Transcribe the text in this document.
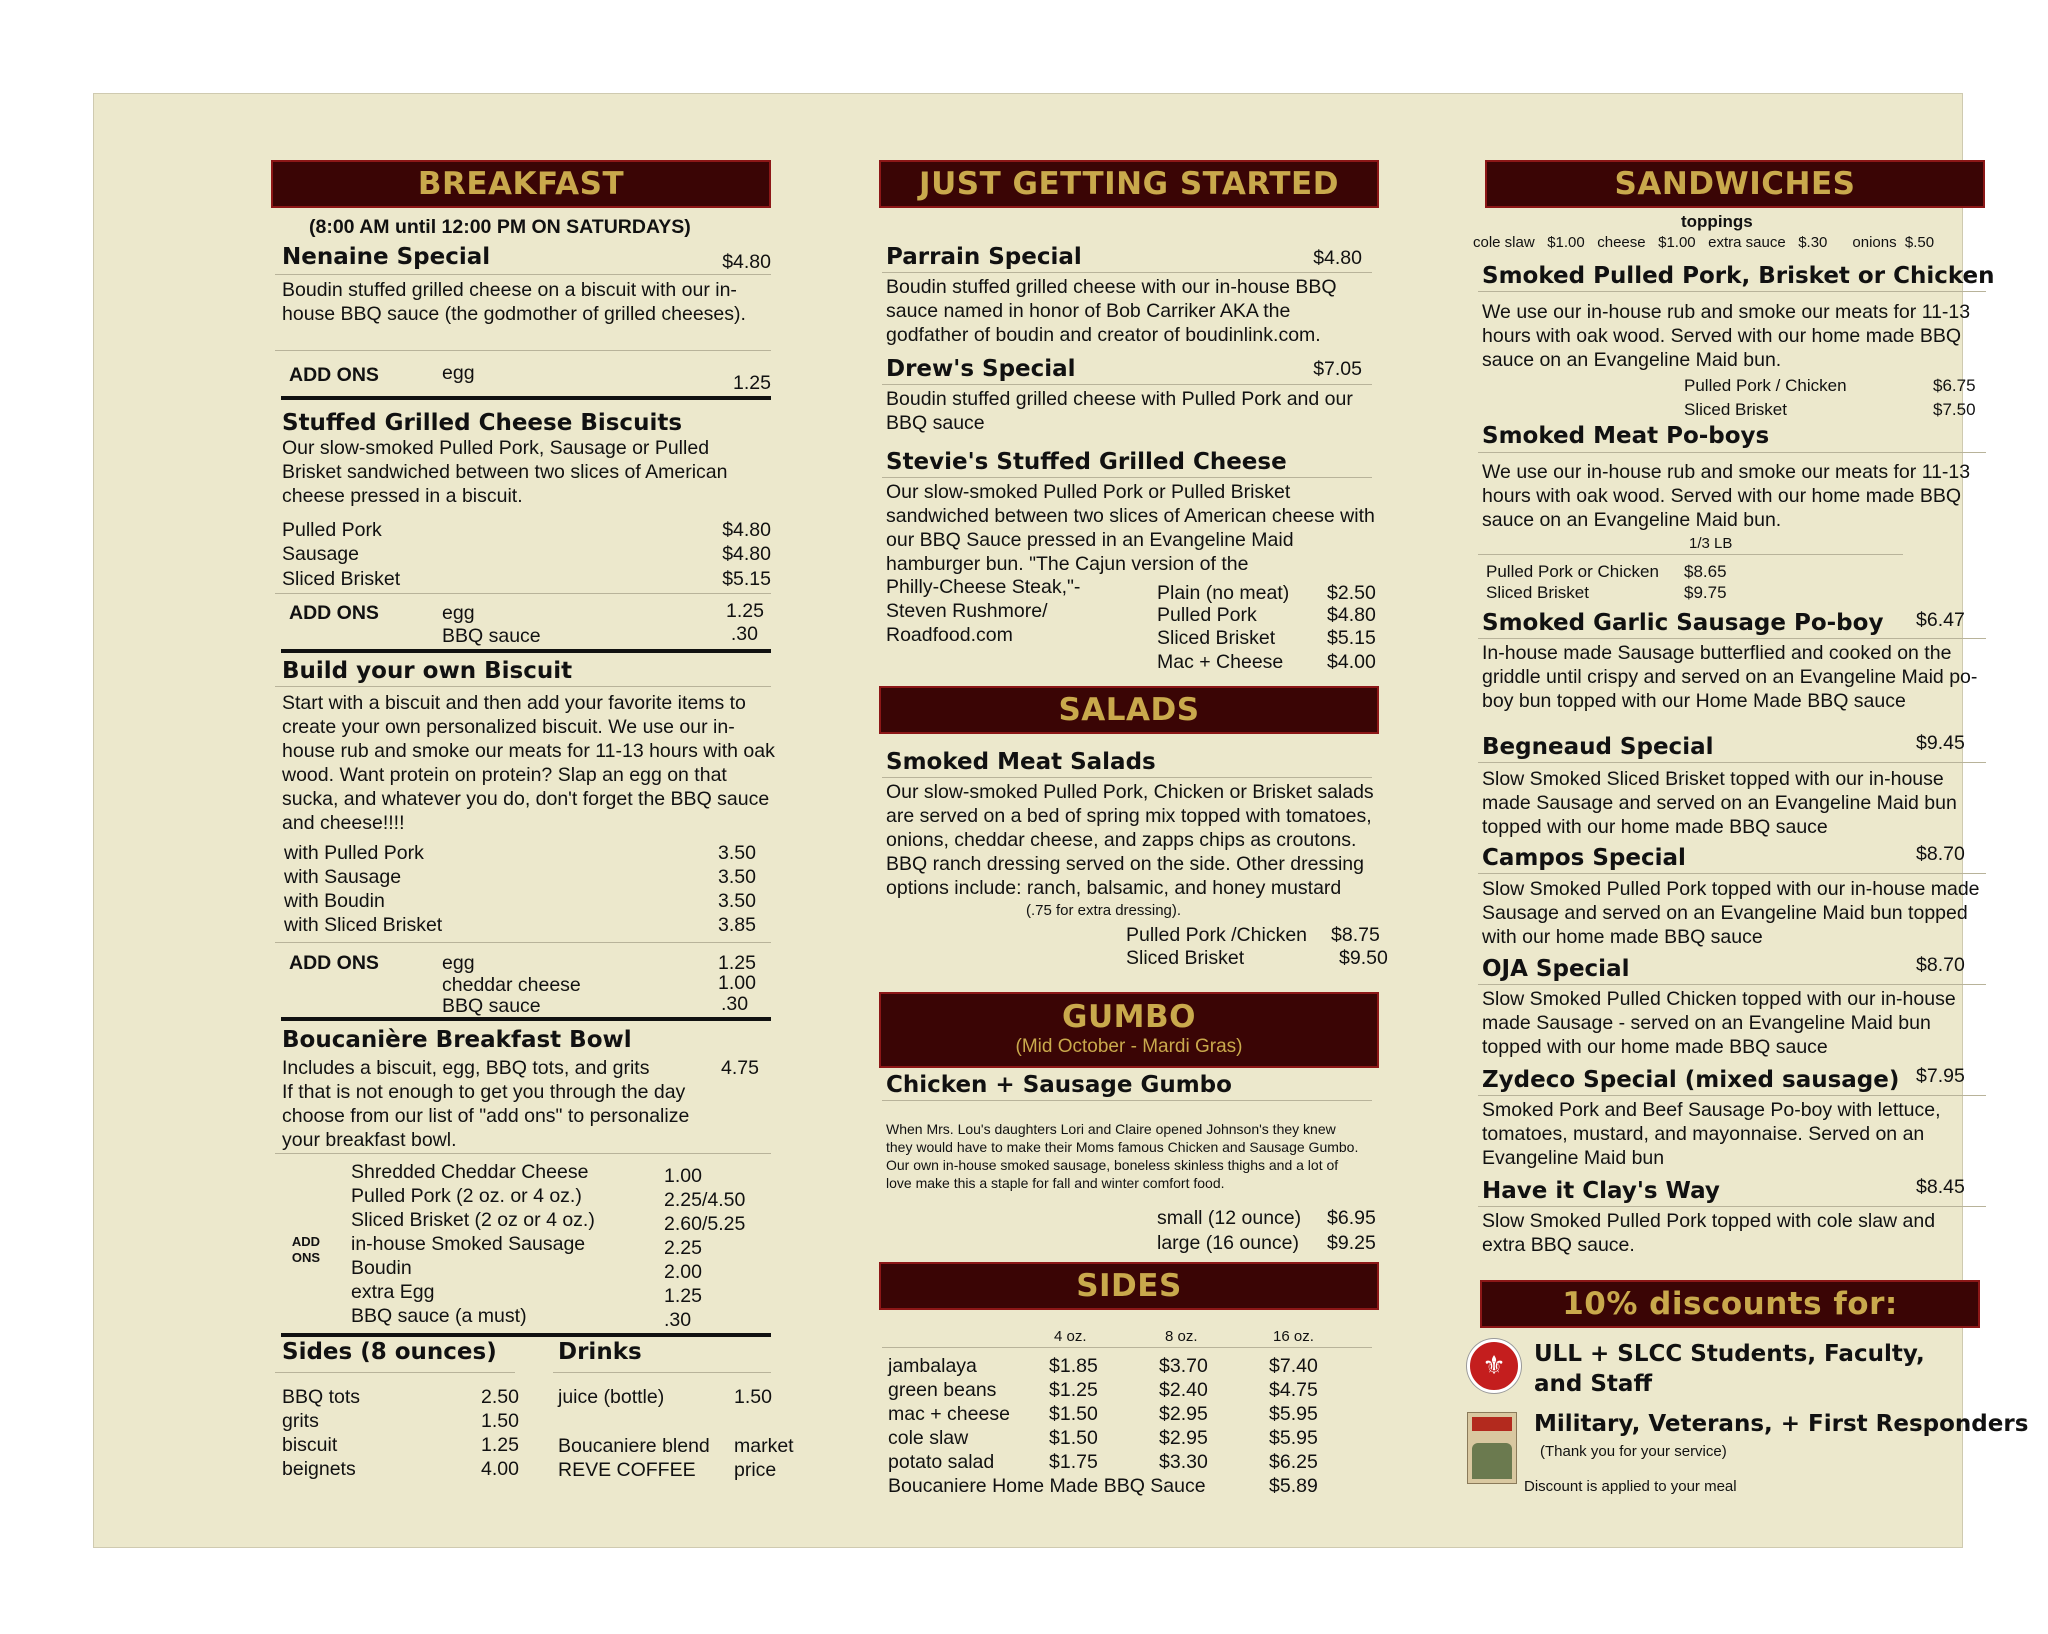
BREAKFAST
(8:00 AM until 12:00 PM ON SATURDAYS)
Nenaine Special	$4.80
Boudin stuffed grilled cheese on a biscuit with our in-house BBQ sauce (the godmother of grilled cheeses).
ADD ONS	egg	1.25
Stuffed Grilled Cheese Biscuits
Our slow-smoked Pulled Pork, Sausage or Pulled Brisket sandwiched between two slices of American cheese pressed in a biscuit.
Pulled Pork	$4.80
Sausage	$4.80
Sliced Brisket	$5.15
ADD ONS	egg	1.25
BBQ sauce	.30
Build your own Biscuit
Start with a biscuit and then add your favorite items to create your own personalized biscuit. We use our in-house rub and smoke our meats for 11-13 hours with oak wood. Want protein on protein? Slap an egg on that sucka, and whatever you do, don't forget the BBQ sauce and cheese!!!!
with Pulled Pork	3.50
with Sausage	3.50
with Boudin	3.50
with Sliced Brisket	3.85
ADD ONS	egg	1.25
cheddar cheese	1.00
BBQ sauce	.30
Boucanière Breakfast Bowl
Includes a biscuit, egg, BBQ tots, and grits	4.75
If that is not enough to get you through the day choose from our list of "add ons" to personalize your breakfast bowl.
ADD ONS
Shredded Cheddar Cheese	1.00
Pulled Pork (2 oz. or 4 oz.)	2.25/4.50
Sliced Brisket (2 oz or 4 oz.)	2.60/5.25
in-house Smoked Sausage	2.25
Boudin	2.00
extra Egg	1.25
BBQ sauce (a must)	.30
Sides (8 ounces)
BBQ tots	2.50
grits	1.50
biscuit	1.25
beignets	4.00
Drinks
juice (bottle)	1.50
Boucaniere blend market
REVE COFFEE price
JUST GETTING STARTED
Parrain Special	$4.80
Boudin stuffed grilled cheese with our in-house BBQ sauce named in honor of Bob Carriker AKA the godfather of boudin and creator of boudinlink.com.
Drew's Special	$7.05
Boudin stuffed grilled cheese with Pulled Pork and our BBQ sauce
Stevie's Stuffed Grilled Cheese
Our slow-smoked Pulled Pork or Pulled Brisket sandwiched between two slices of American cheese with our BBQ Sauce pressed in an Evangeline Maid hamburger bun. "The Cajun version of the
Philly-Cheese Steak,"- Steven Rushmore/ Roadfood.com
Plain (no meat) $2.50
Pulled Pork	$4.80
Sliced Brisket	$5.15
Mac + Cheese $4.00
SALADS
Smoked Meat Salads
Our slow-smoked Pulled Pork, Chicken or Brisket salads are served on a bed of spring mix topped with tomatoes, onions, cheddar cheese, and zapps chips as croutons. BBQ ranch dressing served on the side. Other dressing options include: ranch, balsamic, and honey mustard
(.75 for extra dressing).
Pulled Pork /Chicken $8.75
Sliced Brisket	$9.50
GUMBO
(Mid October - Mardi Gras)
Chicken + Sausage Gumbo
When Mrs. Lou's daughters Lori and Claire opened Johnson's they knew they would have to make their Moms famous Chicken and Sausage Gumbo. Our own in-house smoked sausage, boneless skinless thighs and a lot of love make this a staple for fall and winter comfort food.
small (12 ounce) $6.95
large (16 ounce) $9.25
SIDES
4 oz.	8 oz.	16 oz.
jambalaya	$1.85	$3.70	$7.40
green beans	$1.25	$2.40	$4.75
mac + cheese $1.50	$2.95	$5.95
cole slaw	$1.50	$2.95	$5.95
potato salad	$1.75	$3.30	$6.25
Boucaniere Home Made BBQ Sauce	$5.89
SANDWICHES
toppings
cole slaw   $1.00   cheese   $1.00   extra sauce   $.30      onions  $.50
Smoked Pulled Pork, Brisket or Chicken
We use our in-house rub and smoke our meats for 11-13 hours with oak wood. Served with our home made BBQ sauce on an Evangeline Maid bun.
Pulled Pork / Chicken	$6.75
Sliced Brisket	$7.50
Smoked Meat Po-boys
We use our in-house rub and smoke our meats for 11-13 hours with oak wood. Served with our home made BBQ sauce on an Evangeline Maid bun.
1/3 LB
Pulled Pork or Chicken $8.65
Sliced Brisket	$9.75
Smoked Garlic Sausage Po-boy $6.47
In-house made Sausage butterflied and cooked on the griddle until crispy and served on an Evangeline Maid po-boy bun topped with our Home Made BBQ sauce
Begneaud Special	$9.45
Slow Smoked Sliced Brisket topped with our in-house made Sausage and served on an Evangeline Maid bun topped with our home made BBQ sauce
Campos Special	$8.70
Slow Smoked Pulled Pork topped with our in-house made Sausage and served on an Evangeline Maid bun topped with our home made BBQ sauce
OJA Special	$8.70
Slow Smoked Pulled Chicken topped with our in-house made Sausage - served on an Evangeline Maid bun topped with our home made BBQ sauce
Zydeco Special (mixed sausage) $7.95
Smoked Pork and Beef Sausage Po-boy with lettuce, tomatoes, mustard, and mayonnaise. Served on an Evangeline Maid bun
Have it Clay's Way	$8.45
Slow Smoked Pulled Pork topped with cole slaw and extra BBQ sauce.
10% discounts for:
⚜	ULL + SLCC Students, Faculty, and Staff
Military, Veterans, + First Responders
(Thank you for your service)
Discount is applied to your meal
